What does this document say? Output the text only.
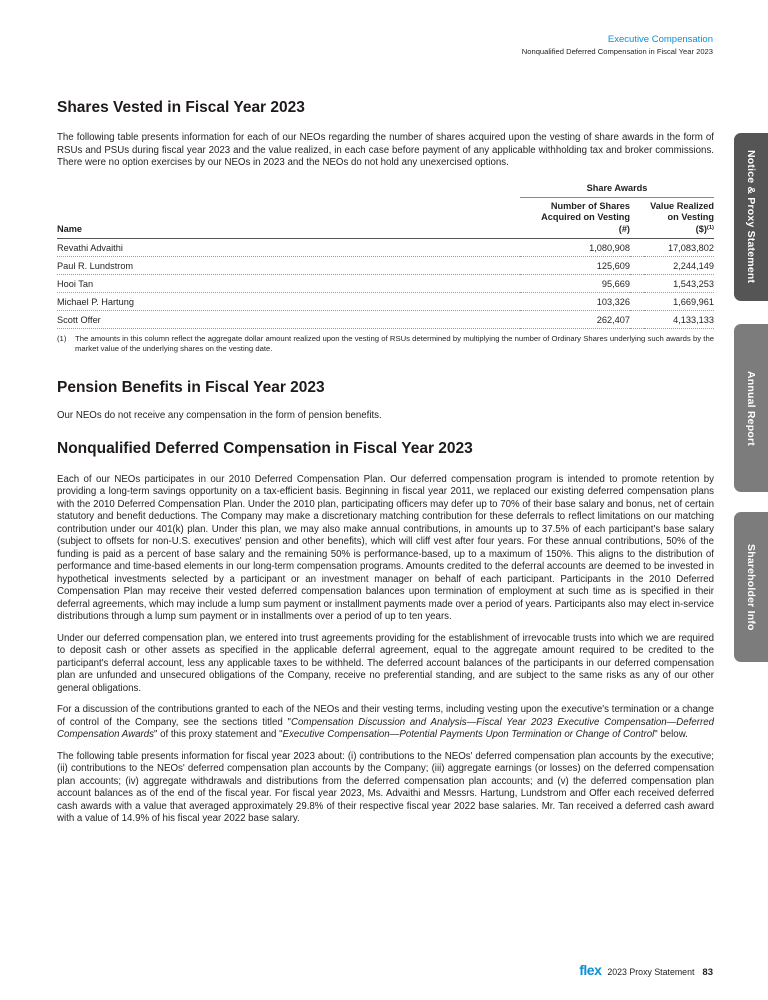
Executive Compensation
Nonqualified Deferred Compensation in Fiscal Year 2023
Shares Vested in Fiscal Year 2023

The following table presents information for each of our NEOs regarding the number of shares acquired upon the vesting of share awards in the form of RSUs and PSUs during fiscal year 2023 and the value realized, in each case before payment of any applicable withholding tax and broker commissions. There were no option exercises by our NEOs in 2023 and the NEOs do not hold any unexercised options.

	Share Awards		
Name	Number of Shares
Acquired on Vesting
(#)		Value Realized
on Vesting
($)$^{(1)}$
Revathi Advaithi	1,080,908		17,083,802
Paul R. Lundstrom	125,609		2,244,149
Hooi Tan	95,669		1,543,253
Michael P. Hartung	103,326		1,669,961
Scott Offer	262,407		4,133,133
(1)	The amounts in this column reflect the aggregate dollar amount realized upon the vesting of RSUs determined by multiplying the number of Ordinary Shares underlying such awards by the market value of the underlying shares on the vesting date.
Pension Benefits in Fiscal Year 2023

Our NEOs do not receive any compensation in the form of pension benefits.

Nonqualified Deferred Compensation in Fiscal Year 2023

Each of our NEOs participates in our 2010 Deferred Compensation Plan. Our deferred compensation program is intended to promote retention by providing a long-term savings opportunity on a tax-efficient basis. Beginning in fiscal year 2011, we replaced our existing deferred compensation plans with the 2010 Deferred Compensation Plan. Under the 2010 plan, participating officers may defer up to 70% of their base salary and bonus, net of certain statutory and benefit deductions. The Company may make a discretionary matching contribution for these deferrals to reflect limitations on our matching contribution under our 401(k) plan. Under this plan, we may also make annual contributions, in amounts up to 37.5% of each participant's base salary (subject to offsets for non-U.S. executives' pension and other benefits), which will cliff vest after four years. For these annual contributions, 50% of the funding is paid as a percent of base salary and the remaining 50% is performance-based, up to a maximum of 150%. This aligns to the distribution of performance and time-based elements in our long-term compensation programs. Amounts credited to the deferral accounts are deemed to be invested in hypothetical investments selected by a participant or an investment manager on behalf of each participant. Participants in the 2010 Deferred Compensation Plan may receive their vested deferred compensation balances upon termination of employment at such time as is specified in their deferral agreements, which may include a lump sum payment or installment payments made over a period of years. Participants also may elect in-service distributions through a lump sum payment or in installments over a period of up to ten years.

Under our deferred compensation plan, we entered into trust agreements providing for the establishment of irrevocable trusts into which we are required to deposit cash or other assets as specified in the applicable deferral agreement, equal to the aggregate amount required to be credited to the participant's deferral account, less any applicable taxes to be withheld. The deferred account balances of the participants in our deferred compensation plan are unfunded and unsecured obligations of the Company, receive no preferential standing, and are subject to the same risks as any of our other general obligations.

For a discussion of the contributions granted to each of the NEOs and their vesting terms, including vesting upon the executive's termination or a change of control of the Company, see the sections titled "Compensation Discussion and Analysis—Fiscal Year 2023 Executive Compensation—Deferred Compensation Awards" of this proxy statement and "Executive Compensation—Potential Payments Upon Termination or Change of Control" below.

The following table presents information for fiscal year 2023 about: (i) contributions to the NEOs' deferred compensation plan accounts by the executive; (ii) contributions to the NEOs' deferred compensation plan accounts by the Company; (iii) aggregate earnings (or losses) on the deferred compensation plan accounts; (iv) aggregate withdrawals and distributions from the deferred compensation plan accounts; and (v) the deferred compensation plan account balances as of the end of the fiscal year. For fiscal year 2023, Ms. Advaithi and Messrs. Hartung, Lundstrom and Offer each received deferred cash awards with a value that averaged approximately 29.8% of their respective fiscal year 2022 base salaries. Mr. Tan received a deferred cash award with a value of 14.9% of his fiscal year 2022 base salary.

Notice & Proxy Statement
Annual Report
Shareholder Info
flex 2023 Proxy Statement 83
